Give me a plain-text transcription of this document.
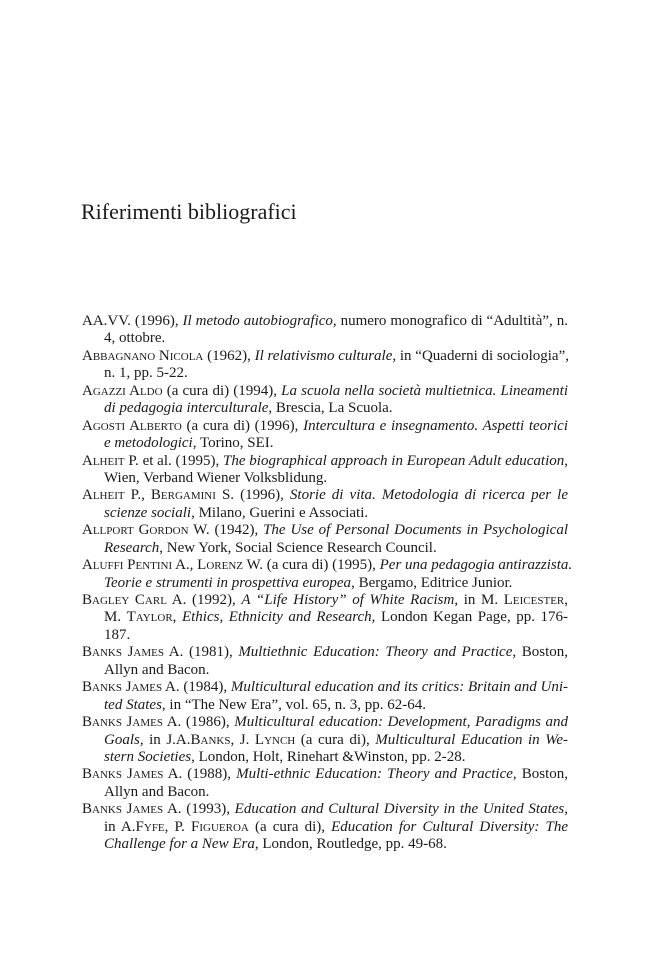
Riferimenti bibliografici
AA.VV. (1996), Il metodo autobiografico, numero monografico di “Adultità”, n.
4, ottobre.
Abbagnano Nicola (1962), Il relativismo culturale, in “Quaderni di sociologia”,
n. 1, pp. 5-22.
Agazzi Aldo (a cura di) (1994), La scuola nella società multietnica. Lineamenti
di pedagogia interculturale, Brescia, La Scuola.
Agosti Alberto (a cura di) (1996), Intercultura e insegnamento. Aspetti teorici
e metodologici, Torino, SEI.
Alheit P. et al. (1995), The biographical approach in European Adult education,
Wien, Verband Wiener Volksblidung.
Alheit P., Bergamini S. (1996), Storie di vita. Metodologia di ricerca per le
scienze sociali, Milano, Guerini e Associati.
Allport Gordon W. (1942), The Use of Personal Documents in Psychological
Research, New York, Social Science Research Council.
Aluffi Pentini A., Lorenz W. (a cura di) (1995), Per una pedagogia antirazzista.
Teorie e strumenti in prospettiva europea, Bergamo, Editrice Junior.
Bagley Carl A. (1992), A “Life History” of White Racism, in M. Leicester,
M. Taylor, Ethics, Ethnicity and Research, London Kegan Page, pp. 176-
187.
Banks James A. (1981), Multiethnic Education: Theory and Practice, Boston,
Allyn and Bacon.
Banks James A. (1984), Multicultural education and its critics: Britain and Uni-
ted States, in “The New Era”, vol. 65, n. 3, pp. 62-64.
Banks James A. (1986), Multicultural education: Development, Paradigms and
Goals, in J.A.Banks, J. Lynch (a cura di), Multicultural Education in We-
stern Societies, London, Holt, Rinehart &Winston, pp. 2-28.
Banks James A. (1988), Multi-ethnic Education: Theory and Practice, Boston,
Allyn and Bacon.
Banks James A. (1993), Education and Cultural Diversity in the United States,
in A.Fyfe, P. Figueroa (a cura di), Education for Cultural Diversity: The
Challenge for a New Era, London, Routledge, pp. 49-68.
